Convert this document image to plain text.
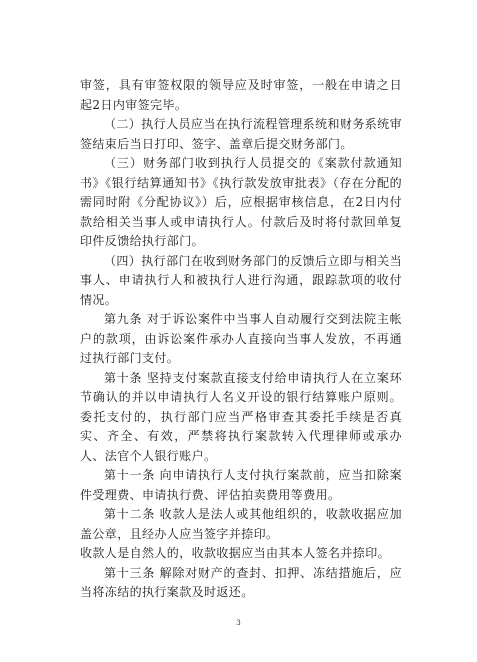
审签，具有审签权限的领导应及时审签，一般在申请之日起2日内审签完毕。

（二）执行人员应当在执行流程管理系统和财务系统审签结束后当日打印、签字、盖章后提交财务部门。

（三）财务部门收到执行人员提交的《案款付款通知书》《银行结算通知书》《执行款发放审批表》（存在分配的需同时附《分配协议》）后，应根据审核信息，在2日内付款给相关当事人或申请执行人。付款后及时将付款回单复印件反馈给执行部门。

（四）执行部门在收到财务部门的反馈后立即与相关当事人、申请执行人和被执行人进行沟通，跟踪款项的收付情况。

第九条 对于诉讼案件中当事人自动履行交到法院主帐户的款项，由诉讼案件承办人直接向当事人发放，不再通过执行部门支付。

第十条 坚持支付案款直接支付给申请执行人在立案环节确认的并以申请执行人名义开设的银行结算账户原则。委托支付的，执行部门应当严格审查其委托手续是否真实、齐全、有效，严禁将执行案款转入代理律师或承办人、法官个人银行账户。

第十一条 向申请执行人支付执行案款前，应当扣除案件受理费、申请执行费、评估拍卖费用等费用。

第十二条 收款人是法人或其他组织的，收款收据应加盖公章，且经办人应当签字并捺印。

收款人是自然人的，收款收据应当由其本人签名并捺印。

第十三条 解除对财产的查封、扣押、冻结措施后，应当将冻结的执行案款及时返还。

3
